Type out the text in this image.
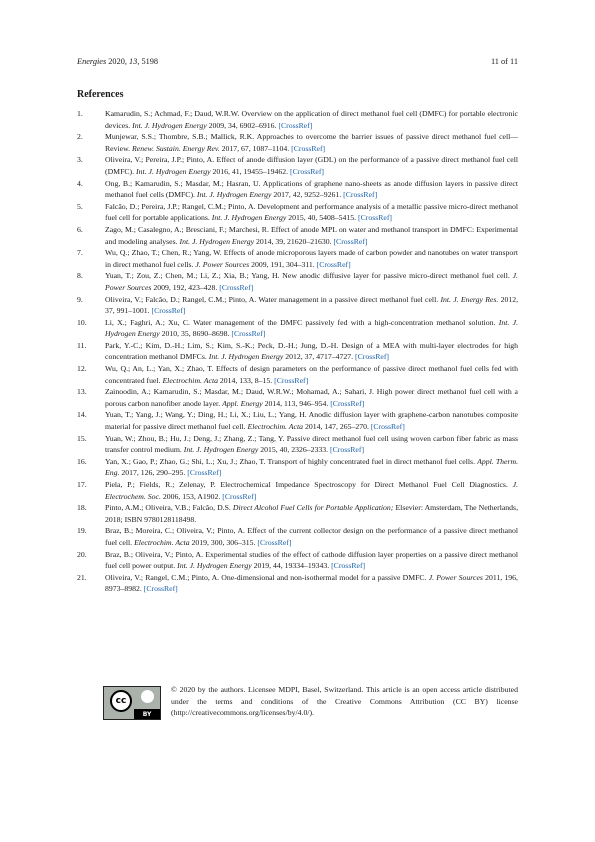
Energies 2020, 13, 5198	11 of 11
References
1.	Kamarudin, S.; Achmad, F.; Daud, W.R.W. Overview on the application of direct methanol fuel cell (DMFC) for portable electronic devices. Int. J. Hydrogen Energy 2009, 34, 6902–6916. [CrossRef]
2.	Munjewar, S.S.; Thombre, S.B.; Mallick, R.K. Approaches to overcome the barrier issues of passive direct methanol fuel cell—Review. Renew. Sustain. Energy Rev. 2017, 67, 1087–1104. [CrossRef]
3.	Oliveira, V.; Pereira, J.P.; Pinto, A. Effect of anode diffusion layer (GDL) on the performance of a passive direct methanol fuel cell (DMFC). Int. J. Hydrogen Energy 2016, 41, 19455–19462. [CrossRef]
4.	Ong, B.; Kamarudin, S.; Masdar, M.; Hasran, U. Applications of graphene nano-sheets as anode diffusion layers in passive direct methanol fuel cells (DMFC). Int. J. Hydrogen Energy 2017, 42, 9252–9261. [CrossRef]
5.	Falcão, D.; Pereira, J.P.; Rangel, C.M.; Pinto, A. Development and performance analysis of a metallic passive micro-direct methanol fuel cell for portable applications. Int. J. Hydrogen Energy 2015, 40, 5408–5415. [CrossRef]
6.	Zago, M.; Casalegno, A.; Bresciani, F.; Marchesi, R. Effect of anode MPL on water and methanol transport in DMFC: Experimental and modeling analyses. Int. J. Hydrogen Energy 2014, 39, 21620–21630. [CrossRef]
7.	Wu, Q.; Zhao, T.; Chen, R.; Yang, W. Effects of anode microporous layers made of carbon powder and nanotubes on water transport in direct methanol fuel cells. J. Power Sources 2009, 191, 304–311. [CrossRef]
8.	Yuan, T.; Zou, Z.; Chen, M.; Li, Z.; Xia, B.; Yang, H. New anodic diffusive layer for passive micro-direct methanol fuel cell. J. Power Sources 2009, 192, 423–428. [CrossRef]
9.	Oliveira, V.; Falcão, D.; Rangel, C.M.; Pinto, A. Water management in a passive direct methanol fuel cell. Int. J. Energy Res. 2012, 37, 991–1001. [CrossRef]
10. Li, X.; Faghri, A.; Xu, C. Water management of the DMFC passively fed with a high-concentration methanol solution. Int. J. Hydrogen Energy 2010, 35, 8690–8698. [CrossRef]
11. Park, Y.-C.; Kim, D.-H.; Lim, S.; Kim, S.-K.; Peck, D.-H.; Jung, D.-H. Design of a MEA with multi-layer electrodes for high concentration methanol DMFCs. Int. J. Hydrogen Energy 2012, 37, 4717–4727. [CrossRef]
12. Wu, Q.; An, L.; Yan, X.; Zhao, T. Effects of design parameters on the performance of passive direct methanol fuel cells fed with concentrated fuel. Electrochim. Acta 2014, 133, 8–15. [CrossRef]
13. Zainoodin, A.; Kamarudin, S.; Masdar, M.; Daud, W.R.W.; Mohamad, A.; Sahari, J. High power direct methanol fuel cell with a porous carbon nanofiber anode layer. Appl. Energy 2014, 113, 946–954. [CrossRef]
14. Yuan, T.; Yang, J.; Wang, Y.; Ding, H.; Li, X.; Liu, L.; Yang, H. Anodic diffusion layer with graphene-carbon nanotubes composite material for passive direct methanol fuel cell. Electrochim. Acta 2014, 147, 265–270. [CrossRef]
15. Yuan, W.; Zhou, B.; Hu, J.; Deng, J.; Zhang, Z.; Tang, Y. Passive direct methanol fuel cell using woven carbon fiber fabric as mass transfer control medium. Int. J. Hydrogen Energy 2015, 40, 2326–2333. [CrossRef]
16. Yan, X.; Gao, P.; Zhao, G.; Shi, L.; Xu, J.; Zhao, T. Transport of highly concentrated fuel in direct methanol fuel cells. Appl. Therm. Eng. 2017, 126, 290–295. [CrossRef]
17. Piela, P.; Fields, R.; Zelenay, P. Electrochemical Impedance Spectroscopy for Direct Methanol Fuel Cell Diagnostics. J. Electrochem. Soc. 2006, 153, A1902. [CrossRef]
18. Pinto, A.M.; Oliveira, V.B.; Falcão, D.S. Direct Alcohol Fuel Cells for Portable Application; Elsevier: Amsterdam, The Netherlands, 2018; ISBN 9780128118498.
19. Braz, B.; Moreira, C.; Oliveira, V.; Pinto, A. Effect of the current collector design on the performance of a passive direct methanol fuel cell. Electrochim. Acta 2019, 300, 306–315. [CrossRef]
20. Braz, B.; Oliveira, V.; Pinto, A. Experimental studies of the effect of cathode diffusion layer properties on a passive direct methanol fuel cell power output. Int. J. Hydrogen Energy 2019, 44, 19334–19343. [CrossRef]
21. Oliveira, V.; Rangel, C.M.; Pinto, A. One-dimensional and non-isothermal model for a passive DMFC. J. Power Sources 2011, 196, 8973–8982. [CrossRef]
cc
BY
© 2020 by the authors. Licensee MDPI, Basel, Switzerland. This article is an open access article distributed under the terms and conditions of the Creative Commons Attribution (CC BY) license (http://creativecommons.org/licenses/by/4.0/).
